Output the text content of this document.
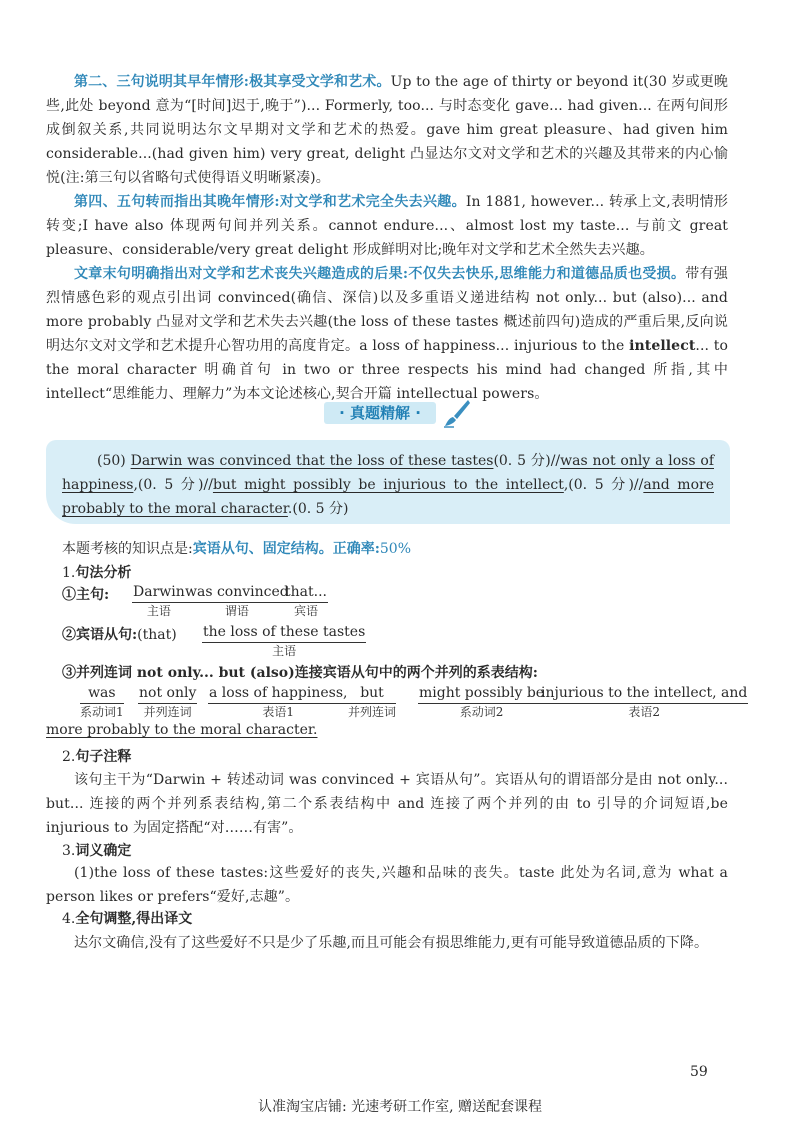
第二、三句说明其早年情形:极其享受文学和艺术。Up to the age of thirty or beyond it(30 岁或更晚些,此处 beyond 意为“[时间]迟于,晚于”)... Formerly, too... 与时态变化 gave... had given... 在两句间形成倒叙关系,共同说明达尔文早期对文学和艺术的热爱。gave him great pleasure、had given him considerable...(had given him) very great, delight 凸显达尔文对文学和艺术的兴趣及其带来的内心愉悦(注:第三句以省略句式使得语义明晰紧凑)。

第四、五句转而指出其晚年情形:对文学和艺术完全失去兴趣。In 1881, however... 转承上文,表明情形转变;I have also 体现两句间并列关系。cannot endure...、almost lost my taste... 与前文 great pleasure、considerable/very great delight 形成鲜明对比;晚年对文学和艺术全然失去兴趣。

文章末句明确指出对文学和艺术丧失兴趣造成的后果:不仅失去快乐,思维能力和道德品质也受损。带有强烈情感色彩的观点引出词 convinced(确信、深信)以及多重语义递进结构 not only... but (also)... and more probably 凸显对文学和艺术失去兴趣(the loss of these tastes 概述前四句)造成的严重后果,反向说明达尔文对文学和艺术提升心智功用的高度肯定。a loss of happiness... injurious to the intellect... to the moral character 明确首句 in two or three respects his mind had changed 所指,其中 intellect“思维能力、理解力”为本文论述核心,契合开篇 intellectual powers。

· 真题精解 ·

(50) Darwin was convinced that the loss of these tastes(0. 5 分)//was not only a loss of happiness,(0. 5 分)//but might possibly be injurious to the intellect,(0. 5 分)//and more probably to the moral character.(0. 5 分)

本题考核的知识点是:宾语从句、固定结构。正确率:50%

1.句法分析

①主句: Darwin
主语
was convinced
谓语
that...
宾语

②宾语从句:(that) the loss of these tastes
主语

③并列连词 not only... but (also)连接宾语从句中的两个并列的系表结构:

was
系动词1
not only
并列连词
a loss of happiness,
表语1
but
并列连词
might possibly be
系动词2
injurious to the intellect, and
表语2

more probably to the moral character.

2.句子注释

该句主干为“Darwin + 转述动词 was convinced + 宾语从句”。宾语从句的谓语部分是由 not only... but... 连接的两个并列系表结构,第二个系表结构中 and 连接了两个并列的由 to 引导的介词短语,be injurious to 为固定搭配“对……有害”。

3.词义确定

(1)the loss of these tastes:这些爱好的丧失,兴趣和品味的丧失。taste 此处为名词,意为 what a person likes or prefers“爱好,志趣”。

4.全句调整,得出译文

达尔文确信,没有了这些爱好不只是少了乐趣,而且可能会有损思维能力,更有可能导致道德品质的下降。

59
认准淘宝店铺: 光速考研工作室, 赠送配套课程
